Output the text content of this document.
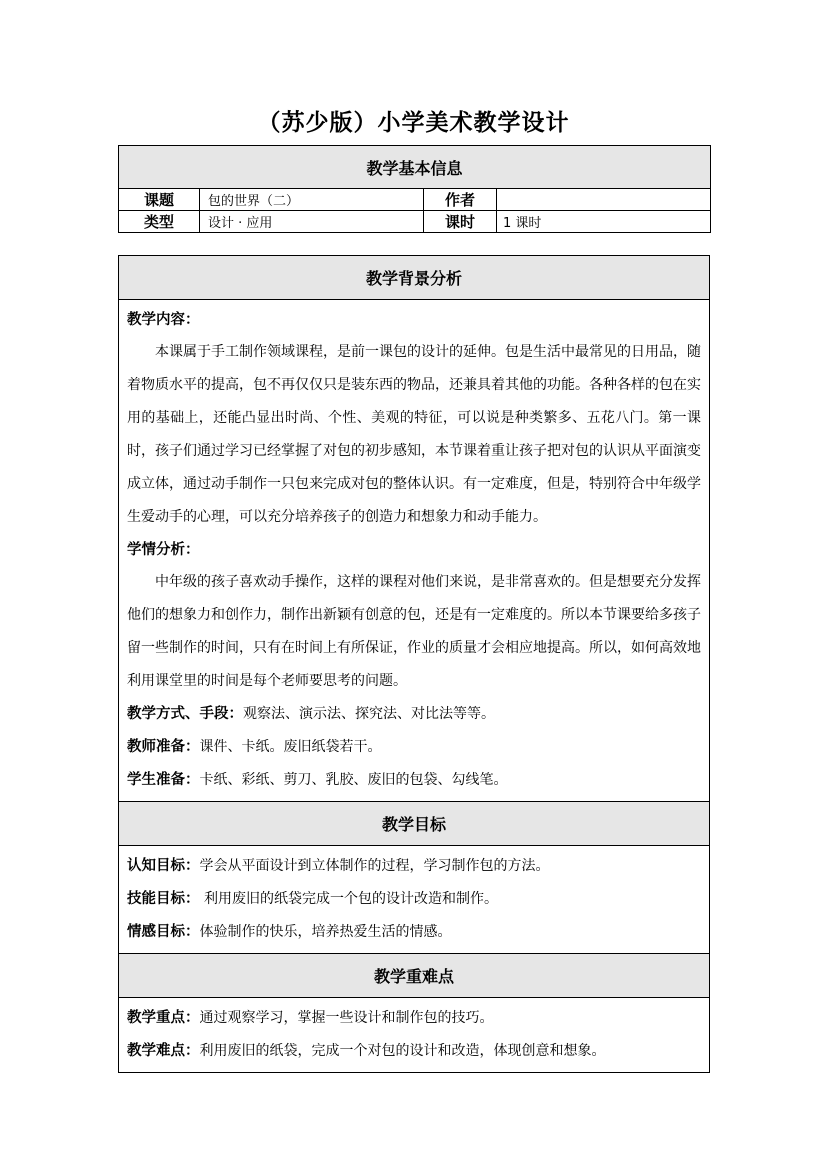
（苏少版）小学美术教学设计
教学基本信息			
课题	包的世界（二）	作者	
类型	设计 · 应用	课时	1 课时
教学背景分析

教学内容：

本课属于手工制作领域课程，是前一课包的设计的延伸。包是生活中最常见的日用品，随着物质水平的提高，包不再仅仅只是装东西的物品，还兼具着其他的功能。各种各样的包在实用的基础上，还能凸显出时尚、个性、美观的特征，可以说是种类繁多、五花八门。第一课时，孩子们通过学习已经掌握了对包的初步感知，本节课着重让孩子把对包的认识从平面演变成立体，通过动手制作一只包来完成对包的整体认识。有一定难度，但是，特别符合中年级学生爱动手的心理，可以充分培养孩子的创造力和想象力和动手能力。

学情分析：

中年级的孩子喜欢动手操作，这样的课程对他们来说，是非常喜欢的。但是想要充分发挥他们的想象力和创作力，制作出新颖有创意的包，还是有一定难度的。所以本节课要给多孩子留一些制作的时间，只有在时间上有所保证，作业的质量才会相应地提高。所以，如何高效地利用课堂里的时间是每个老师要思考的问题。

教学方式、手段：观察法、演示法、探究法、对比法等等。
教师准备：课件、卡纸。废旧纸袋若干。
学生准备：卡纸、彩纸、剪刀、乳胶、废旧的包袋、勾线笔。

教学目标

认知目标：学会从平面设计到立体制作的过程，学习制作包的方法。
技能目标： 利用废旧的纸袋完成一个包的设计改造和制作。
情感目标：体验制作的快乐，培养热爱生活的情感。

教学重难点

教学重点：通过观察学习，掌握一些设计和制作包的技巧。
教学难点：利用废旧的纸袋，完成一个对包的设计和改造，体现创意和想象。
